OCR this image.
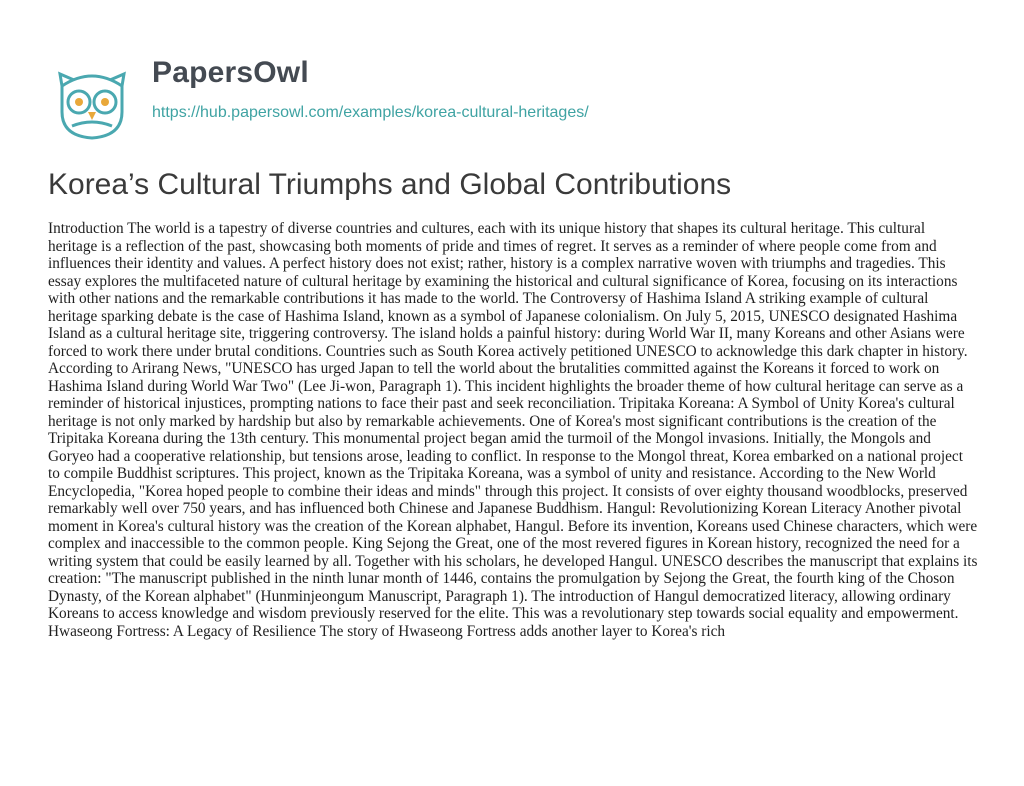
PapersOwl
https://hub.papersowl.com/examples/korea-cultural-heritages/
Korea’s Cultural Triumphs and Global Contributions

Introduction The world is a tapestry of diverse countries and cultures, each with its unique history that shapes its cultural heritage. This cultural heritage is a reflection of the past, showcasing both moments of pride and times of regret. It serves as a reminder of where people come from and influences their identity and values. A perfect history does not exist; rather, history is a complex narrative woven with triumphs and tragedies. This essay explores the multifaceted nature of cultural heritage by examining the historical and cultural significance of Korea, focusing on its interactions with other nations and the remarkable contributions it has made to the world. The Controversy of Hashima Island A striking example of cultural heritage sparking debate is the case of Hashima Island, known as a symbol of Japanese colonialism. On July 5, 2015, UNESCO designated Hashima Island as a cultural heritage site, triggering controversy. The island holds a painful history: during World War II, many Koreans and other Asians were forced to work there under brutal conditions. Countries such as South Korea actively petitioned UNESCO to acknowledge this dark chapter in history. According to Arirang News, "UNESCO has urged Japan to tell the world about the brutalities committed against the Koreans it forced to work on Hashima Island during World War Two" (Lee Ji-won, Paragraph 1). This incident highlights the broader theme of how cultural heritage can serve as a reminder of historical injustices, prompting nations to face their past and seek reconciliation. Tripitaka Koreana: A Symbol of Unity Korea's cultural heritage is not only marked by hardship but also by remarkable achievements. One of Korea's most significant contributions is the creation of the Tripitaka Koreana during the 13th century. This monumental project began amid the turmoil of the Mongol invasions. Initially, the Mongols and Goryeo had a cooperative relationship, but tensions arose, leading to conflict. In response to the Mongol threat, Korea embarked on a national project to compile Buddhist scriptures. This project, known as the Tripitaka Koreana, was a symbol of unity and resistance. According to the New World Encyclopedia, "Korea hoped people to combine their ideas and minds" through this project. It consists of over eighty thousand woodblocks, preserved remarkably well over 750 years, and has influenced both Chinese and Japanese Buddhism. Hangul: Revolutionizing Korean Literacy Another pivotal moment in Korea's cultural history was the creation of the Korean alphabet, Hangul. Before its invention, Koreans used Chinese characters, which were complex and inaccessible to the common people. King Sejong the Great, one of the most revered figures in Korean history, recognized the need for a writing system that could be easily learned by all. Together with his scholars, he developed Hangul. UNESCO describes the manuscript that explains its creation: "The manuscript published in the ninth lunar month of 1446, contains the promulgation by Sejong the Great, the fourth king of the Choson Dynasty, of the Korean alphabet" (Hunminjeongum Manuscript, Paragraph 1). The introduction of Hangul democratized literacy, allowing ordinary Koreans to access knowledge and wisdom previously reserved for the elite. This was a revolutionary step towards social equality and empowerment. Hwaseong Fortress: A Legacy of Resilience The story of Hwaseong Fortress adds another layer to Korea's rich
